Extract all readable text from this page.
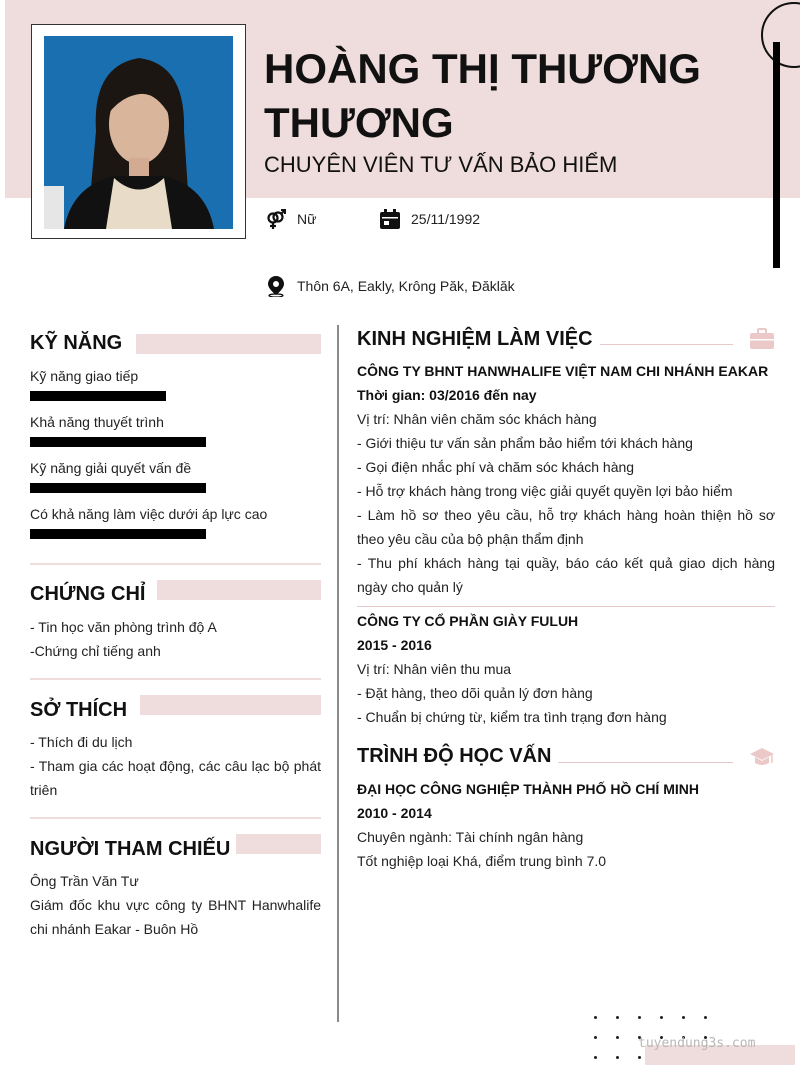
HOÀNG THỊ THƯƠNG THƯƠNG
CHUYÊN VIÊN TƯ VẤN BẢO HIỂM
Nữ	25/11/1992
Thôn 6A, Eakly, Krông Păk, Đăklăk
KỸ NĂNG
Kỹ năng giao tiếp
Khả năng thuyết trình
Kỹ năng giải quyết vấn đề
Có khả năng làm việc dưới áp lực cao
CHỨNG CHỈ
- Tin học văn phòng trình độ A
-Chứng chỉ tiếng anh
SỞ THÍCH
- Thích đi du lịch
- Tham gia các hoạt động, các câu lạc bộ phát triên
NGƯỜI THAM CHIẾU
Ông Trần Văn Tư
Giám đốc khu vực công ty BHNT Hanwhalife chi nhánh Eakar - Buôn Hồ
KINH NGHIỆM LÀM VIỆC
CÔNG TY BHNT HANWHALIFE VIỆT NAM CHI NHÁNH EAKAR
Thời gian: 03/2016 đến nay
Vị trí: Nhân viên chăm sóc khách hàng
- Giới thiệu tư vấn sản phẩm bảo hiểm tới khách hàng
- Gọi điện nhắc phí và chăm sóc khách hàng
- Hỗ trợ khách hàng trong việc giải quyết quyền lợi bảo hiểm
- Làm hồ sơ theo yêu cầu, hỗ trợ khách hàng hoàn thiện hồ sơ theo yêu cầu của bộ phận thẩm định
- Thu phí khách hàng tại quầy, báo cáo kết quả giao dịch hàng ngày cho quản lý
CÔNG TY CỔ PHẦN GIÀY FULUH
2015 - 2016
Vị trí: Nhân viên thu mua
- Đặt hàng, theo dõi quản lý đơn hàng
- Chuẩn bị chứng từ, kiểm tra tình trạng đơn hàng
TRÌNH ĐỘ HỌC VẤN
ĐẠI HỌC CÔNG NGHIỆP THÀNH PHỐ HỒ CHÍ MINH
2010 - 2014
Chuyên ngành: Tài chính ngân hàng
Tốt nghiệp loại Khá, điểm trung bình 7.0
tuyendung3s.com
